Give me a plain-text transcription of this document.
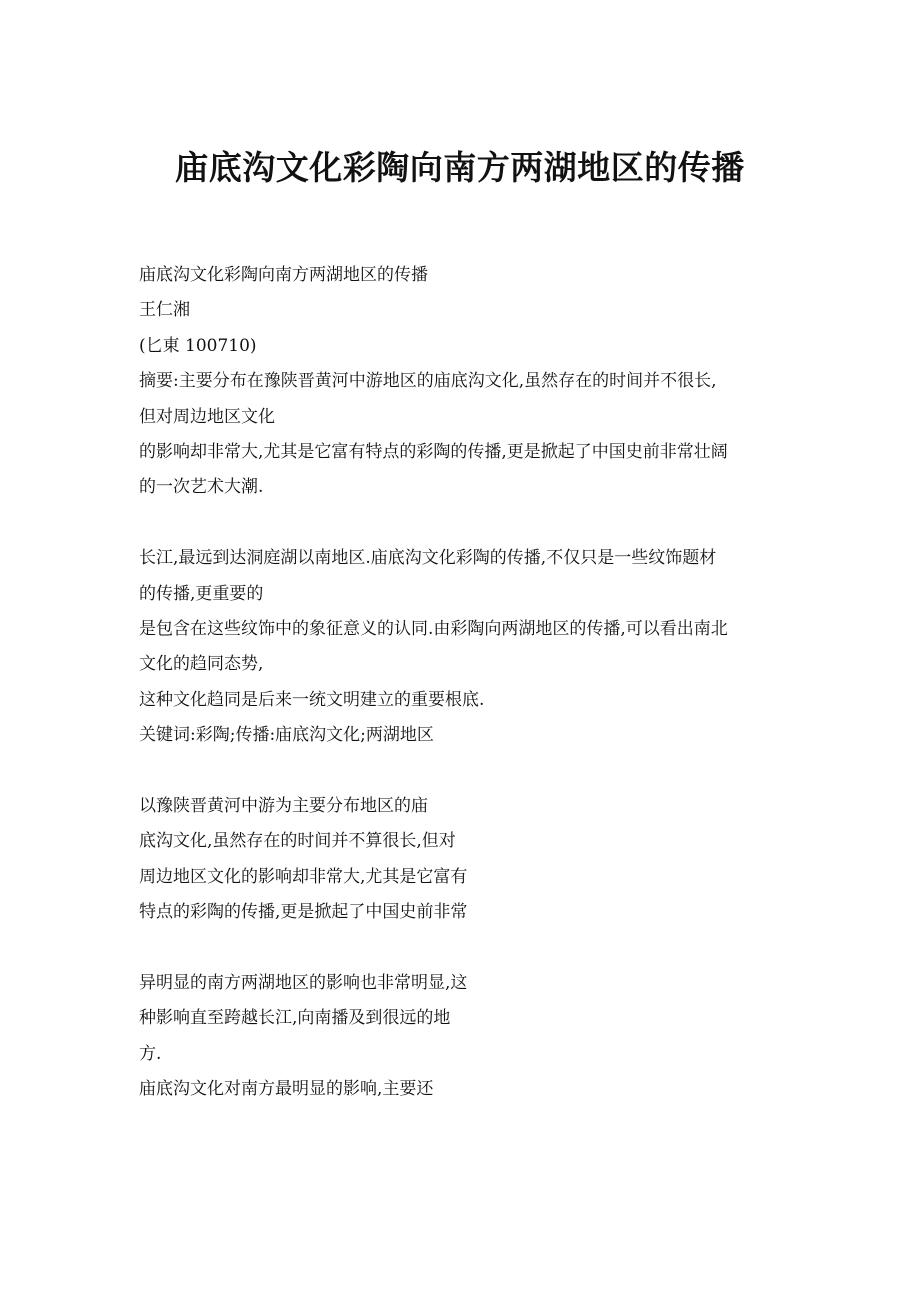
庙底沟文化彩陶向南方两湖地区的传播
庙底沟文化彩陶向南方两湖地区的传播
王仁湘
(匕東 100710)
摘要:主要分布在豫陕晋黄河中游地区的庙底沟文化,虽然存在的时间并不很长,
但对周边地区文化
的影响却非常大,尤其是它富有特点的彩陶的传播,更是掀起了中国史前非常壮阔
的一次艺术大潮.
长江,最远到达洞庭湖以南地区.庙底沟文化彩陶的传播,不仅只是一些纹饰题材
的传播,更重要的
是包含在这些纹饰中的象征意义的认同.由彩陶向两湖地区的传播,可以看出南北
文化的趋同态势,
这种文化趋同是后来一统文明建立的重要根底.
关键词:彩陶;传播:庙底沟文化;两湖地区
以豫陕晋黄河中游为主要分布地区的庙
底沟文化,虽然存在的时间并不算很长,但对
周边地区文化的影响却非常大,尤其是它富有
特点的彩陶的传播,更是掀起了中国史前非常
异明显的南方两湖地区的影响也非常明显,这
种影响直至跨越长江,向南播及到很远的地
方.
庙底沟文化对南方最明显的影响,主要还
